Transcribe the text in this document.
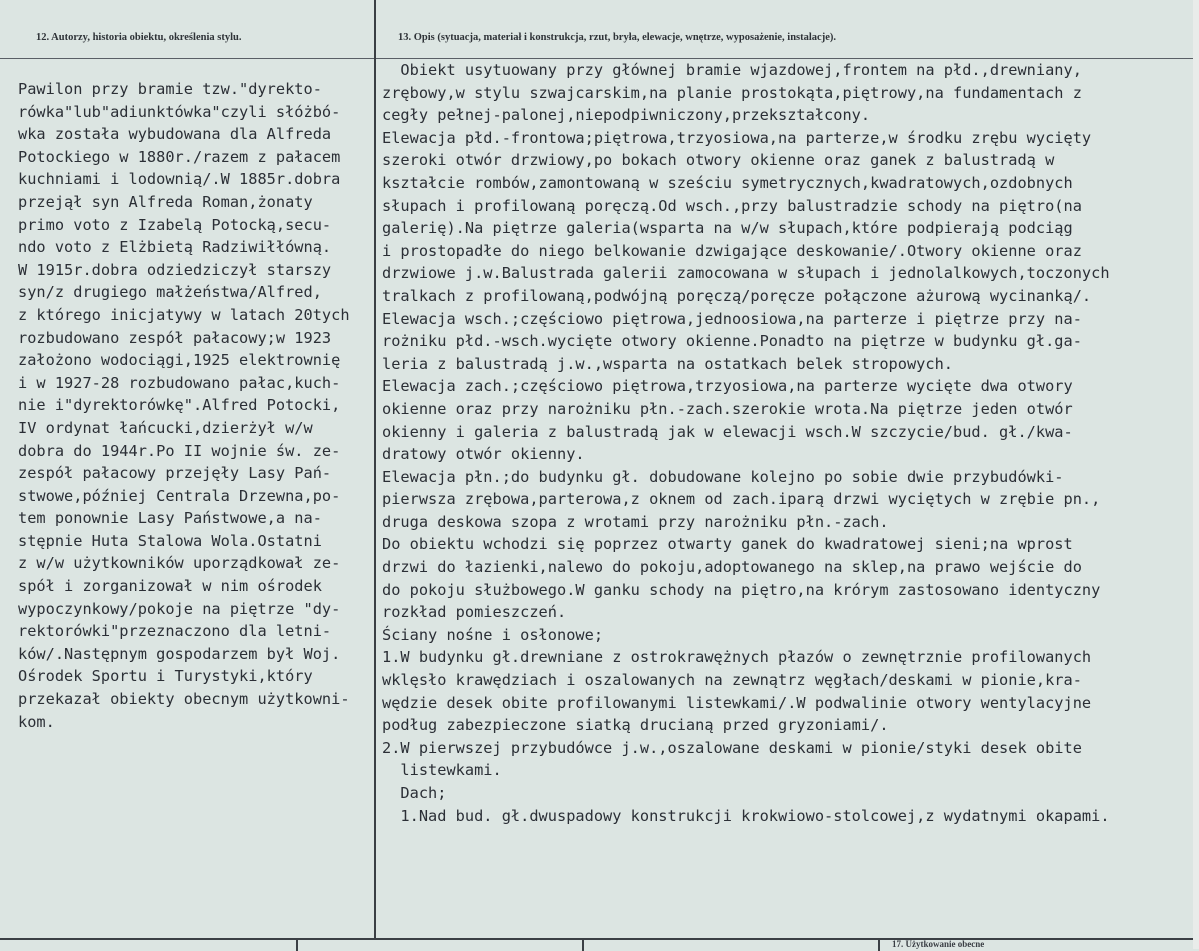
12. Autorzy, historia obiektu, określenia stylu.
Pawilon przy bramie tzw."dyrekto-
rówka"lub"adiunktówka"czyli słóżbó-
wka została wybudowana dla Alfreda
Potockiego w 1880r./razem z pałacem
kuchniami i lodownią/.W 1885r.dobra
przejął syn Alfreda Roman,żonaty
primo voto z Izabelą Potocką,secu-
ndo voto z Elżbietą Radziwiłłówną.
W 1915r.dobra odziedziczył starszy
syn/z drugiego małżeństwa/Alfred,
z którego inicjatywy w latach 20tych
rozbudowano zespół pałacowy;w 1923
założono wodociągi,1925 elektrownię
i w 1927-28 rozbudowano pałac,kuch-
nie i"dyrektorówkę".Alfred Potocki,
IV ordynat łańcucki,dzierżył w/w
dobra do 1944r.Po II wojnie św. ze-
zespół pałacowy przejęły Lasy Pań-
stwowe,później Centrala Drzewna,po-
tem ponownie Lasy Państwowe,a na-
stępnie Huta Stalowa Wola.Ostatni
z w/w użytkowników uporządkował ze-
spół i zorganizował w nim ośrodek
wypoczynkowy/pokoje na piętrze "dy-
rektorówki"przeznaczono dla letni-
ków/.Następnym gospodarzem był Woj.
Ośrodek Sportu i Turystyki,który
przekazał obiekty obecnym użytkowni-
kom.
13. Opis (sytuacja, materiał i konstrukcja, rzut, bryła, elewacje, wnętrze, wyposażenie, instalacje).
Obiekt usytuowany przy głównej bramie wjazdowej,frontem na płd.,drewniany,
zrębowy,w stylu szwajcarskim,na planie prostokąta,piętrowy,na fundamentach z
cegły pełnej-palonej,niepodpiwniczony,przekształcony.
Elewacja płd.-frontowa;piętrowa,trzyosiowa,na parterze,w środku zrębu wycięty
szeroki otwór drzwiowy,po bokach otwory okienne oraz ganek z balustradą w
kształcie rombów,zamontowaną w sześciu symetrycznych,kwadratowych,ozdobnych
słupach i profilowaną poręczą.Od wsch.,przy balustradzie schody na piętro(na
galerię).Na piętrze galeria(wsparta na w/w słupach,które podpierają podciąg
i prostopadłe do niego belkowanie dzwigające deskowanie/.Otwory okienne oraz
drzwiowe j.w.Balustrada galerii zamocowana w słupach i jednolalkowych,toczonych
tralkach z profilowaną,podwójną poręczą/poręcze połączone ażurową wycinanką/.
Elewacja wsch.;częściowo piętrowa,jednoosiowa,na parterze i piętrze przy na-
rożniku płd.-wsch.wycięte otwory okienne.Ponadto na piętrze w budynku gł.ga-
leria z balustradą j.w.,wsparta na ostatkach belek stropowych.
Elewacja zach.;częściowo piętrowa,trzyosiowa,na parterze wycięte dwa otwory
okienne oraz przy narożniku płn.-zach.szerokie wrota.Na piętrze jeden otwór
okienny i galeria z balustradą jak w elewacji wsch.W szczycie/bud. gł./kwa-
dratowy otwór okienny.
Elewacja płn.;do budynku gł. dobudowane kolejno po sobie dwie przybudówki-
pierwsza zrębowa,parterowa,z oknem od zach.iparą drzwi wyciętych w zrębie pn.,
druga deskowa szopa z wrotami przy narożniku płn.-zach.
Do obiektu wchodzi się poprzez otwarty ganek do kwadratowej sieni;na wprost
drzwi do łazienki,nalewo do pokoju,adoptowanego na sklep,na prawo wejście do
do pokoju służbowego.W ganku schody na piętro,na krórym zastosowano identyczny
rozkład pomieszczeń.
Ściany nośne i osłonowe;
1.W budynku gł.drewniane z ostrokrawężnych płazów o zewnętrznie profilowanych
wklęsło krawędziach i oszalowanych na zewnątrz węgłach/deskami w pionie,kra-
wędzie desek obite profilowanymi listewkami/.W podwalinie otwory wentylacyjne
podług zabezpieczone siatką drucianą przed gryzoniami/.
2.W pierwszej przybudówce j.w.,oszalowane deskami w pionie/styki desek obite
listewkami.
Dach;
1.Nad bud. gł.dwuspadowy konstrukcji krokwiowo-stolcowej,z wydatnymi okapami.
17. Użytkowanie obecne
